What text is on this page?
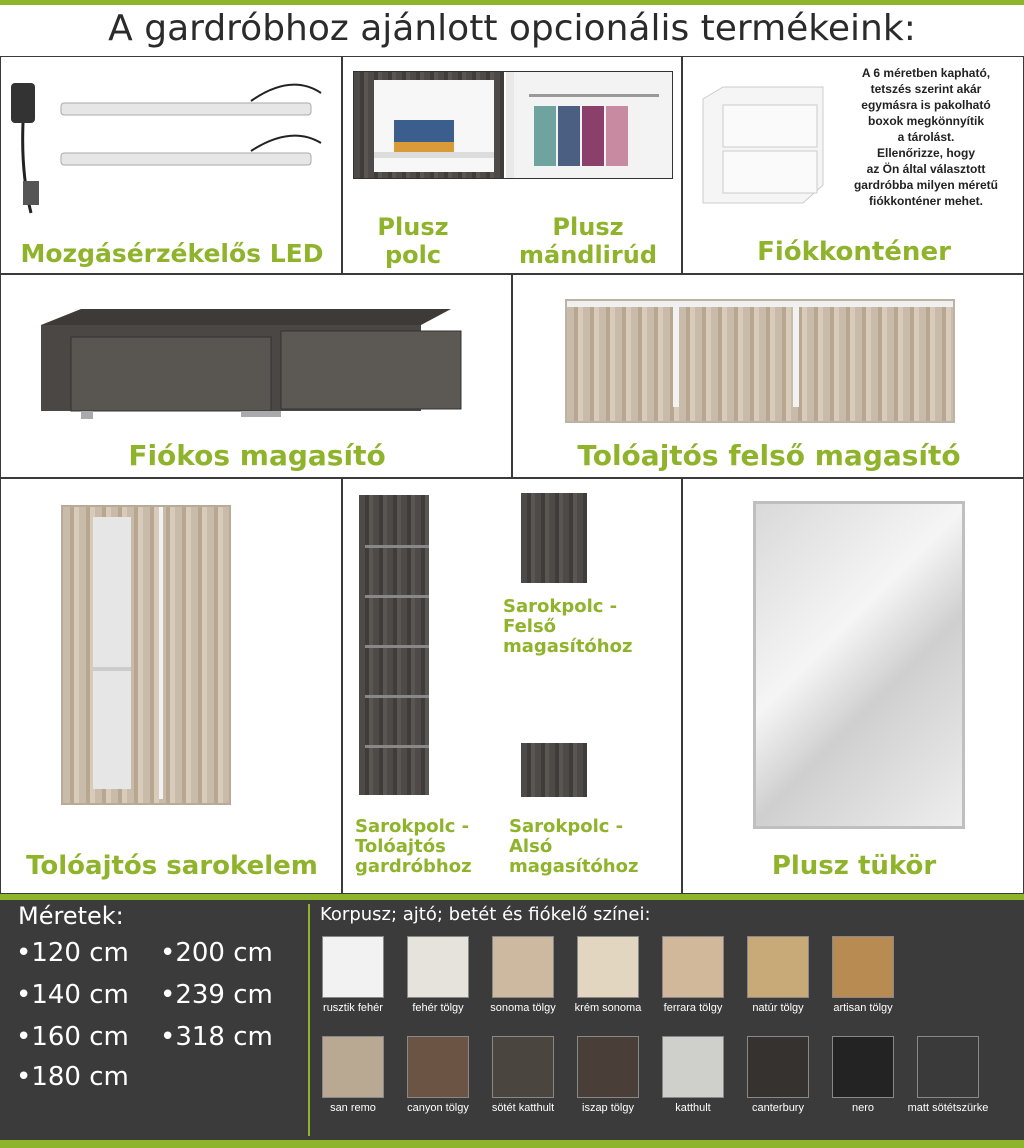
A gardróbhoz ajánlott opcionális termékeink:
Mozgásérzékelős LED
Plusz
polc
Plusz
mándlirúd
A 6 méretben kapható,
tetszés szerint akár
egymásra is pakolható
boxok megkönnyítik
a tárolást.
Ellenőrizze, hogy
az Ön által választott
gardróbba milyen méretű
fiókkonténer mehet.
Fiókkonténer
Fiókos magasító	Tolóajtós felső magasító
Tolóajtós sarokelem
Sarokpolc -
Felső
magasítóhoz
Sarokpolc -
Tolóajtós
gardróbhoz
Sarokpolc -
Alsó
magasítóhoz	Plusz tükör
Méretek:
•120 cm •200 cm
•140 cm •239 cm
•160 cm •318 cm
•180 cm
Korpusz; ajtó; betét és fiókelő színei:
rusztik fehér	fehér tölgy	sonoma tölgy	krém sonoma	ferrara tölgy	natúr tölgy	artisan tölgy
san remo	canyon tölgy	sötét katthult	iszap tölgy	katthult	canterbury	nero	matt sötétszürke
